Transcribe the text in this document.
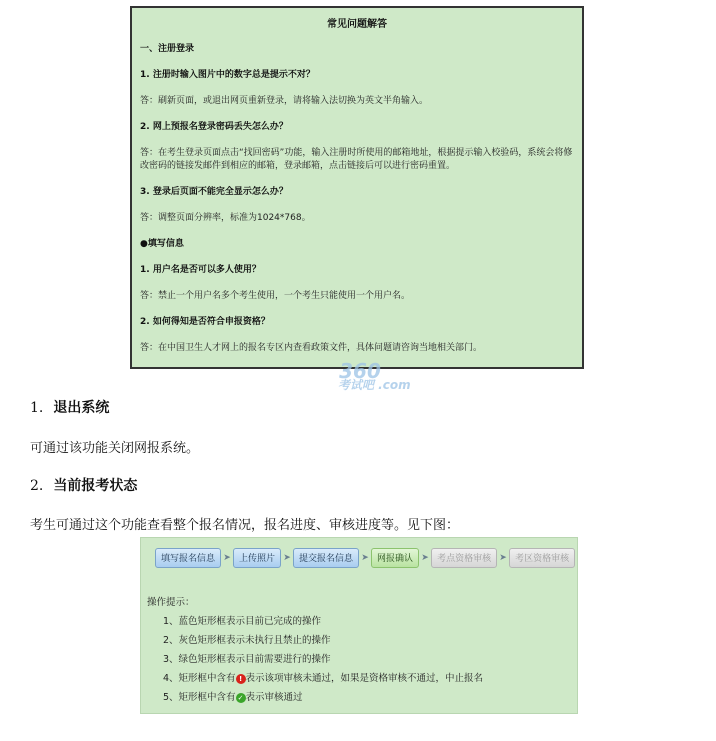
常见问题解答
一、注册登录
1. 注册时输入图片中的数字总是提示不对？
答：刷新页面，或退出网页重新登录，请将输入法切换为英文半角输入。
2. 网上预报名登录密码丢失怎么办？
答：在考生登录页面点击“找回密码”功能，输入注册时所使用的邮箱地址，根据提示输入校验码，系统会将修改密码的链接发邮件到相应的邮箱，登录邮箱，点击链接后可以进行密码重置。
3. 登录后页面不能完全显示怎么办？
答：调整页面分辨率，标准为1024*768。
●填写信息
1. 用户名是否可以多人使用？
答：禁止一个用户名多个考生使用，一个考生只能使用一个用户名。
2. 如何得知是否符合申报资格？
答：在中国卫生人才网上的报名专区内查看政策文件，具体问题请咨询当地相关部门。
360
考试吧 .com
1. 退出系统
可通过该功能关闭网报系统。
2. 当前报考状态
考生可通过这个功能查看整个报名情况，报名进度、审核进度等。见下图：
填写报名信息 ➤ 上传照片 ➤ 提交报名信息 ➤ 网报确认 ➤ 考点资格审核 ➤ 考区资格审核
操作提示：
1、蓝色矩形框表示目前已完成的操作
2、灰色矩形框表示未执行且禁止的操作
3、绿色矩形框表示目前需要进行的操作
4、矩形框中含有 ! 表示该项审核未通过，如果是资格审核不通过，中止报名
5、矩形框中含有 ✓ 表示审核通过
